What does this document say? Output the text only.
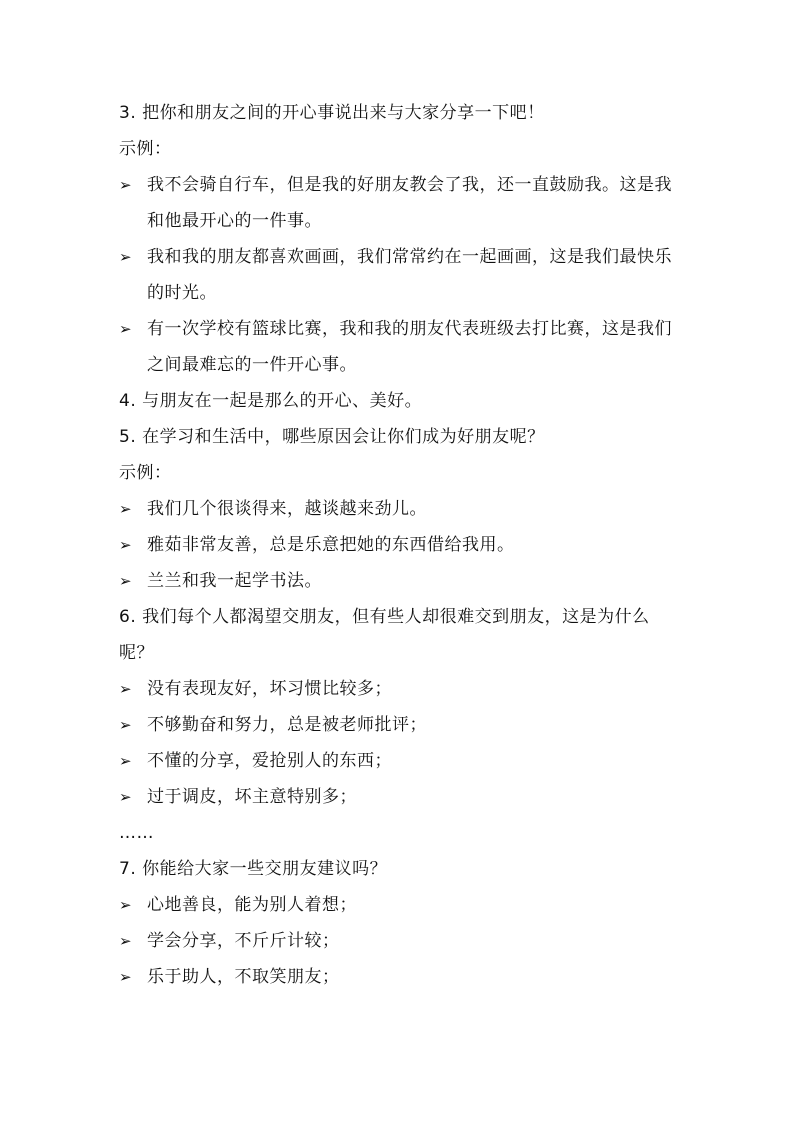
3. 把你和朋友之间的开心事说出来与大家分享一下吧！
示例：
➢ 我不会骑自行车，但是我的好朋友教会了我，还一直鼓励我。这是我和他最开心的一件事。
➢ 我和我的朋友都喜欢画画，我们常常约在一起画画，这是我们最快乐的时光。
➢ 有一次学校有篮球比赛，我和我的朋友代表班级去打比赛，这是我们之间最难忘的一件开心事。
4. 与朋友在一起是那么的开心、美好。
5. 在学习和生活中，哪些原因会让你们成为好朋友呢？
示例：
➢ 我们几个很谈得来，越谈越来劲儿。
➢ 雅茹非常友善，总是乐意把她的东西借给我用。
➢ 兰兰和我一起学书法。
6. 我们每个人都渴望交朋友，但有些人却很难交到朋友，这是为什么
呢？
➢ 没有表现友好，坏习惯比较多；
➢ 不够勤奋和努力，总是被老师批评；
➢ 不懂的分享，爱抢别人的东西；
➢ 过于调皮，坏主意特别多；
……
7. 你能给大家一些交朋友建议吗？
➢ 心地善良，能为别人着想；
➢ 学会分享，不斤斤计较；
➢ 乐于助人，不取笑朋友；
